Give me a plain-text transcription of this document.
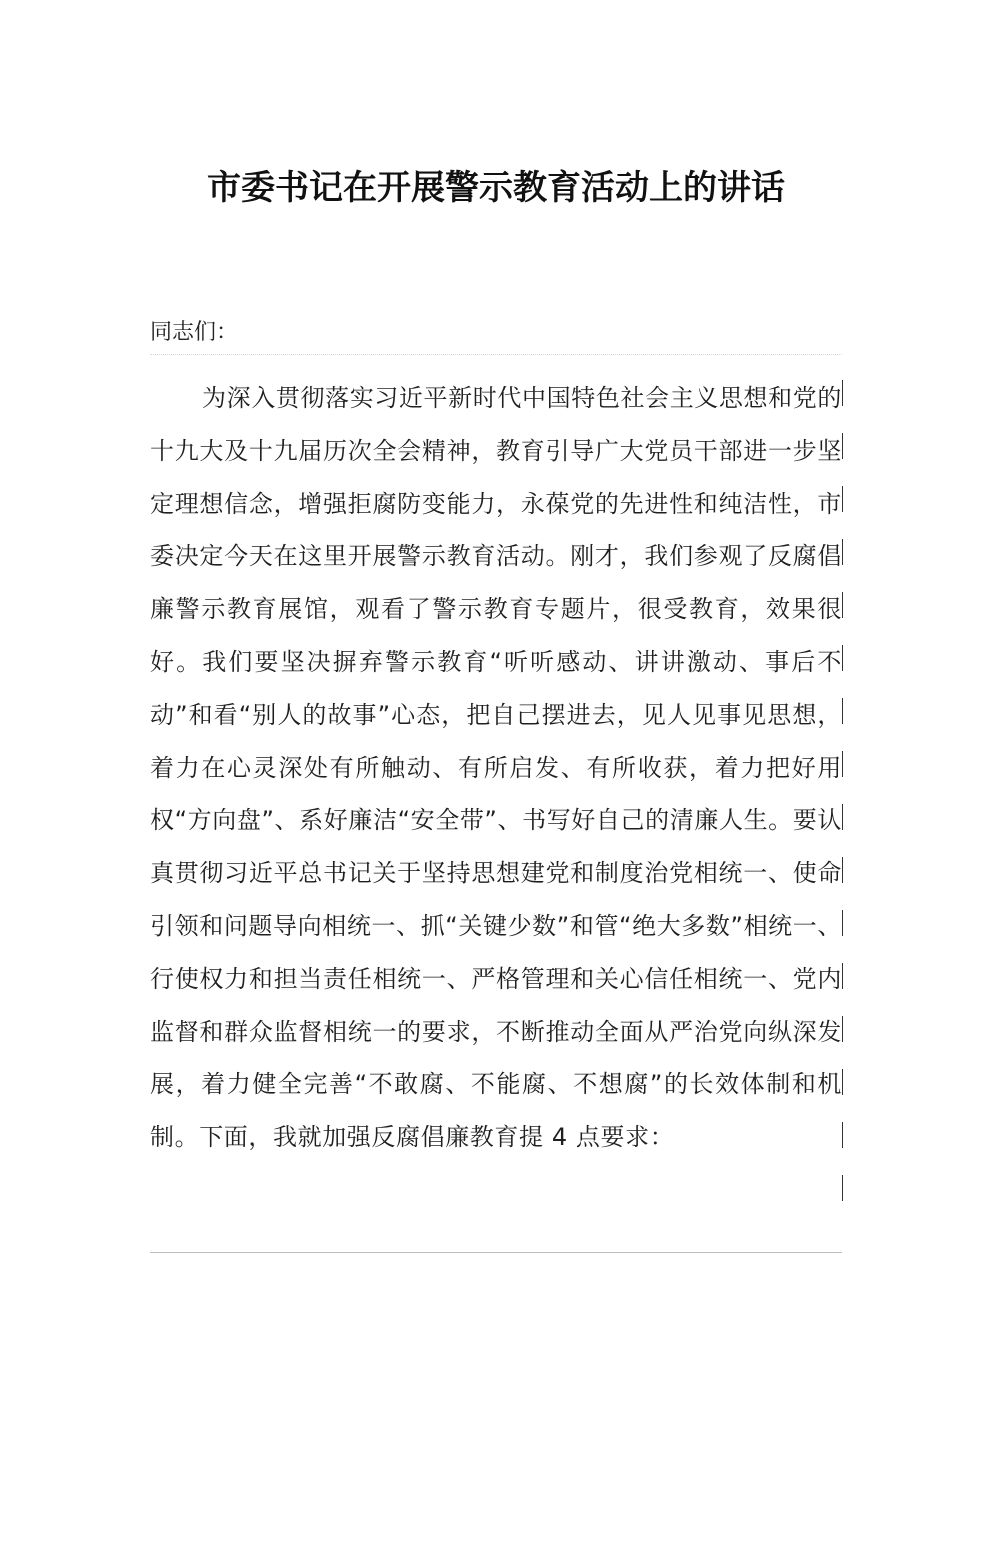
市委书记在开展警示教育活动上的讲话

同志们：

为深入贯彻落实习近平新时代中国特色社会主义思想和党的十九大及十九届历次全会精神，教育引导广大党员干部进一步坚定理想信念，增强拒腐防变能力，永葆党的先进性和纯洁性，市委决定今天在这里开展警示教育活动。刚才，我们参观了反腐倡廉警示教育展馆，观看了警示教育专题片，很受教育，效果很好。我们要坚决摒弃警示教育“听听感动、讲讲激动、事后不动”和看“别人的故事”心态，把自己摆进去，见人见事见思想，着力在心灵深处有所触动、有所启发、有所收获，着力把好用权“方向盘”、系好廉洁“安全带”、书写好自己的清廉人生。要认真贯彻习近平总书记关于坚持思想建党和制度治党相统一、使命引领和问题导向相统一、抓“关键少数”和管“绝大多数”相统一、行使权力和担当责任相统一、严格管理和关心信任相统一、党内监督和群众监督相统一的要求，不断推动全面从严治党向纵深发展，着力健全完善“不敢腐、不能腐、不想腐”的长效体制和机制。下面，我就加强反腐倡廉教育提 4 点要求：
